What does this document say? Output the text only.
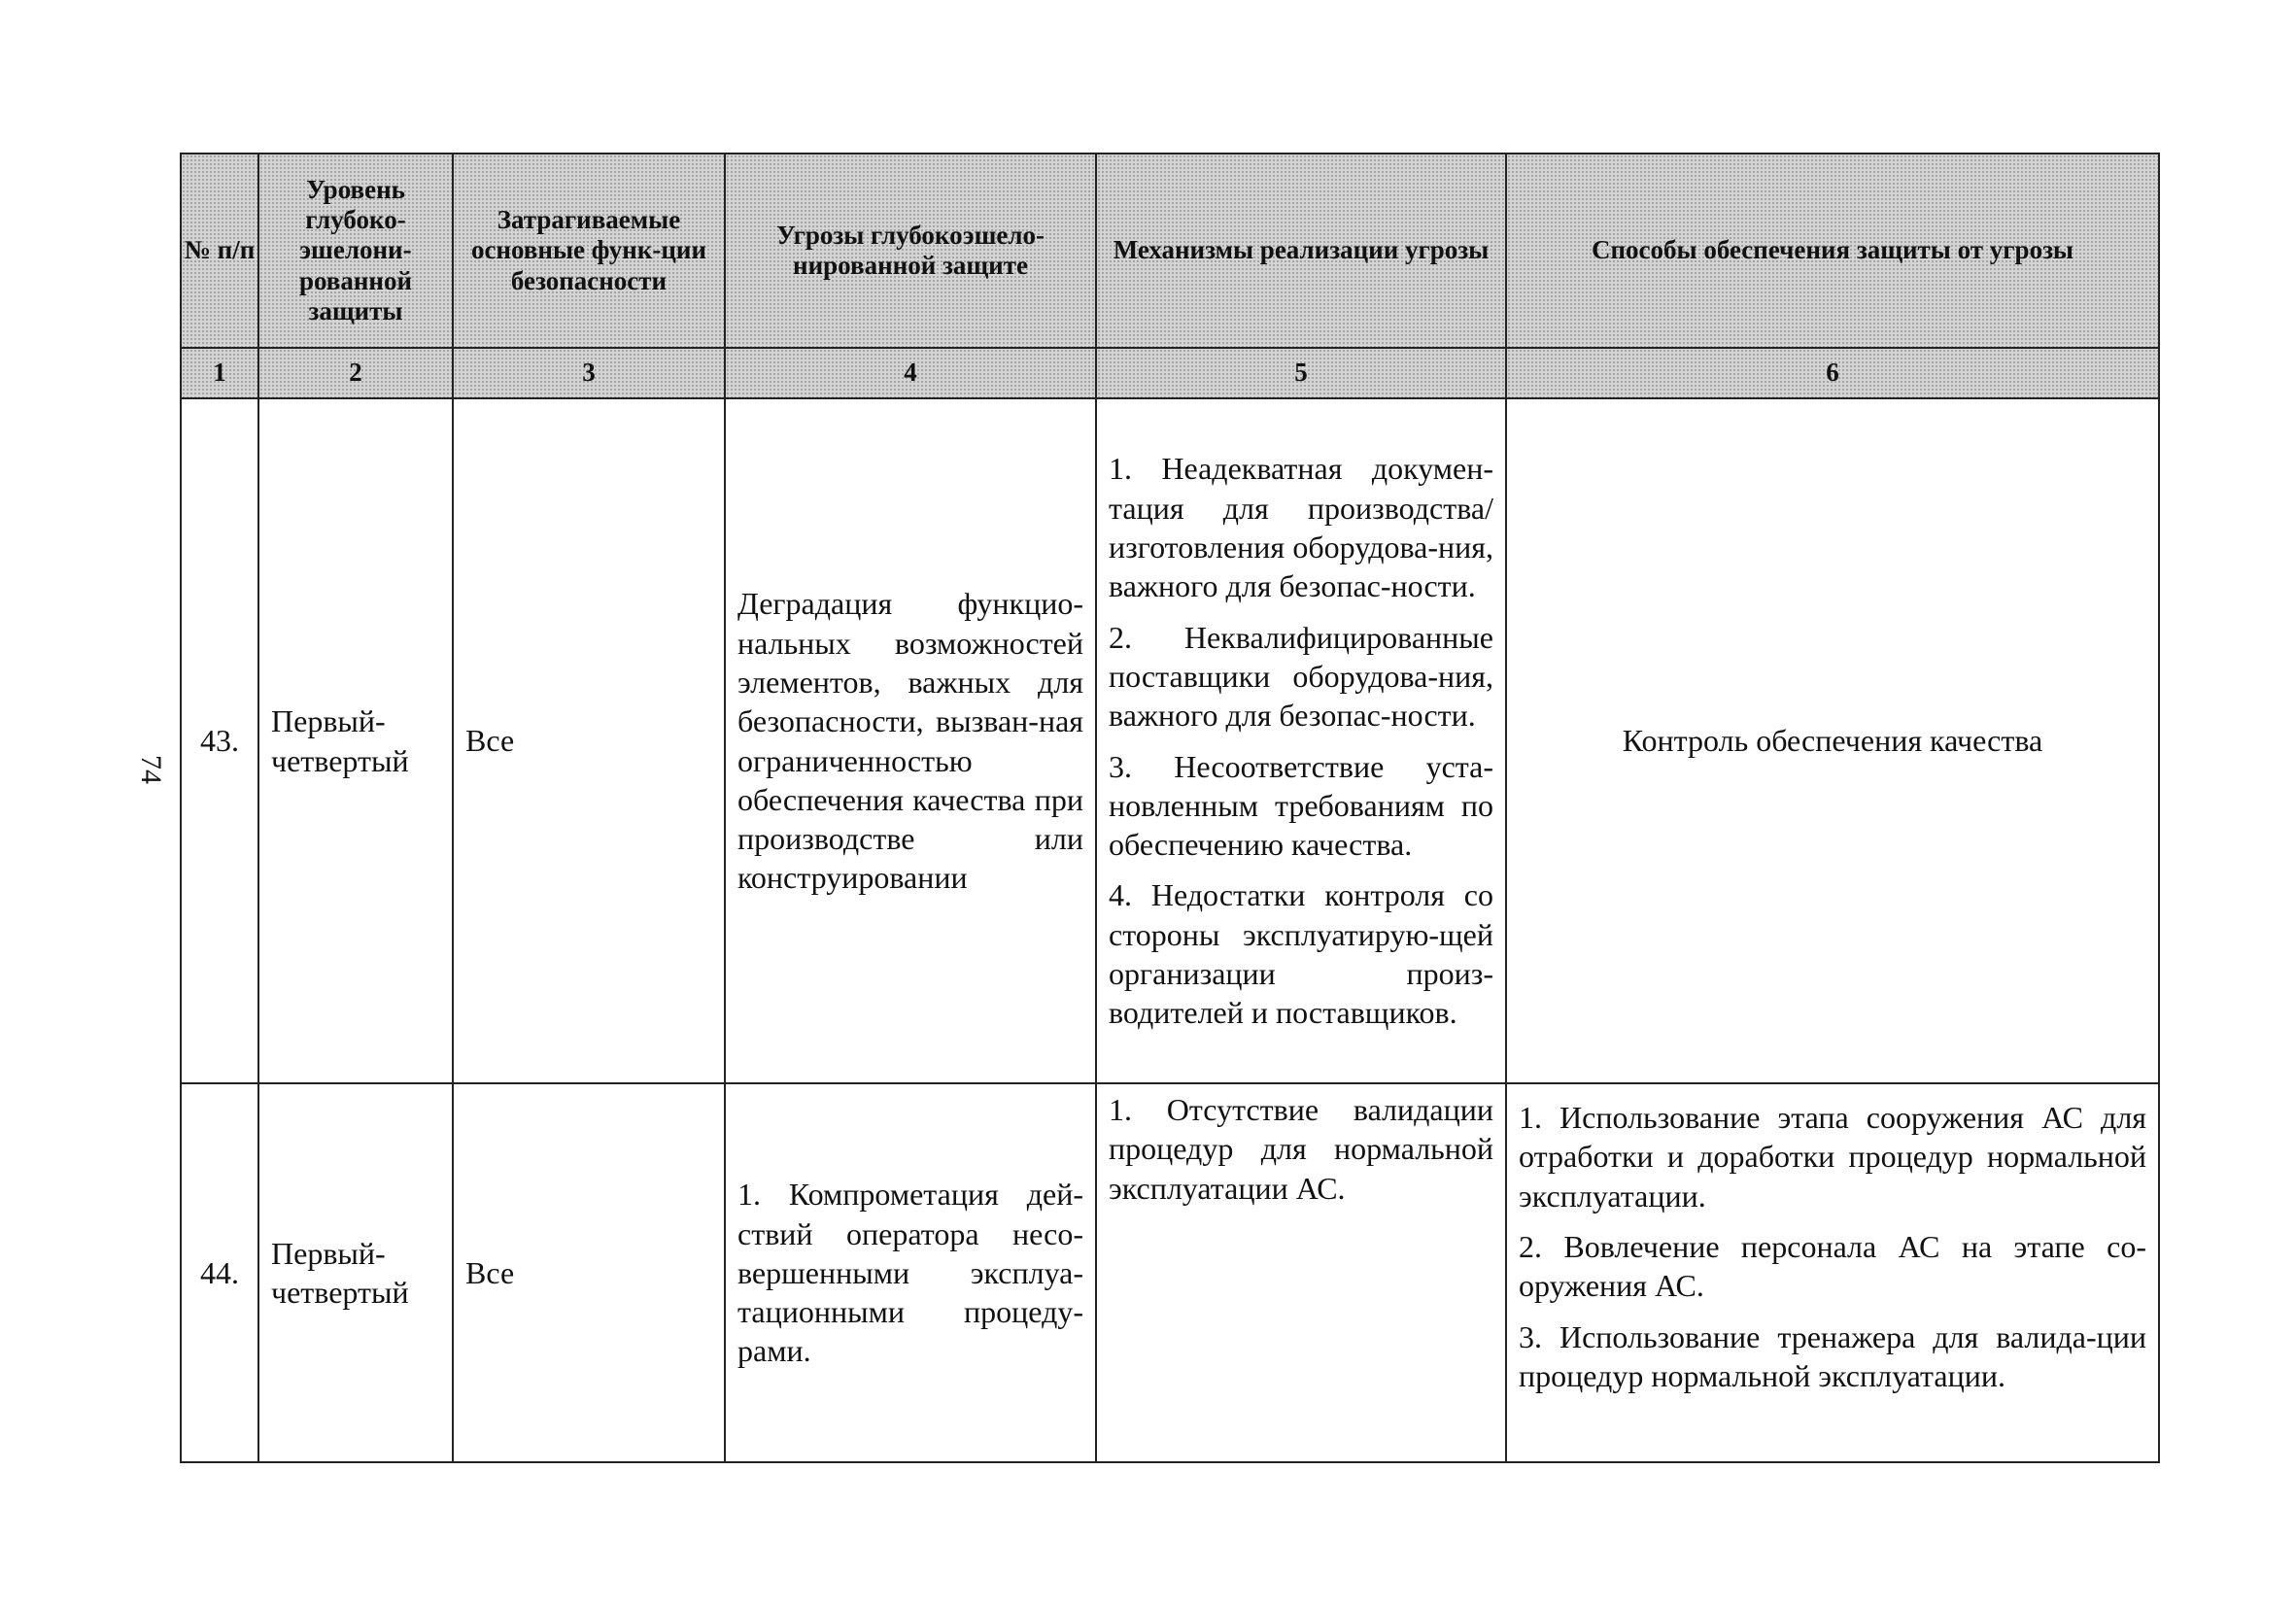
74
№ п/п	Уровень глубоко-эшелони-рованной защиты	Затрагиваемые основные функ-ции безопасности	Угрозы глубокоэшело-нированной защите	Механизмы реализации угрозы	Способы обеспечения защиты от угрозы
1	2	3	4	5	6

43.	Первый-четвертый	Все	Деградация функцио-нальных возможностей элементов, важных для безопасности, вызван-ная ограниченностью обеспечения качества при производстве или конструировании	1. Неадекватная докумен-тация для производства/ изготовления оборудова-ния, важного для безопас-ности.
2. Неквалифицированные поставщики оборудова-ния, важного для безопас-ности.
3. Несоответствие уста-новленным требованиям по обеспечению качества.
4. Недостатки контроля со стороны эксплуатирую-щей организации произ-водителей и поставщиков.	Контроль обеспечения качества

44.	Первый-четвертый	Все	1. Компрометация дей-ствий оператора несо-вершенными эксплуа-тационными процеду-рами.	1. Отсутствие валидации процедур для нормальной эксплуатации АС.	1. Использование этапа сооружения АС для отработки и доработки процедур нормальной эксплуатации.
2. Вовлечение персонала АС на этапе со-оружения АС.
3. Использование тренажера для валида-ции процедур нормальной эксплуатации.
